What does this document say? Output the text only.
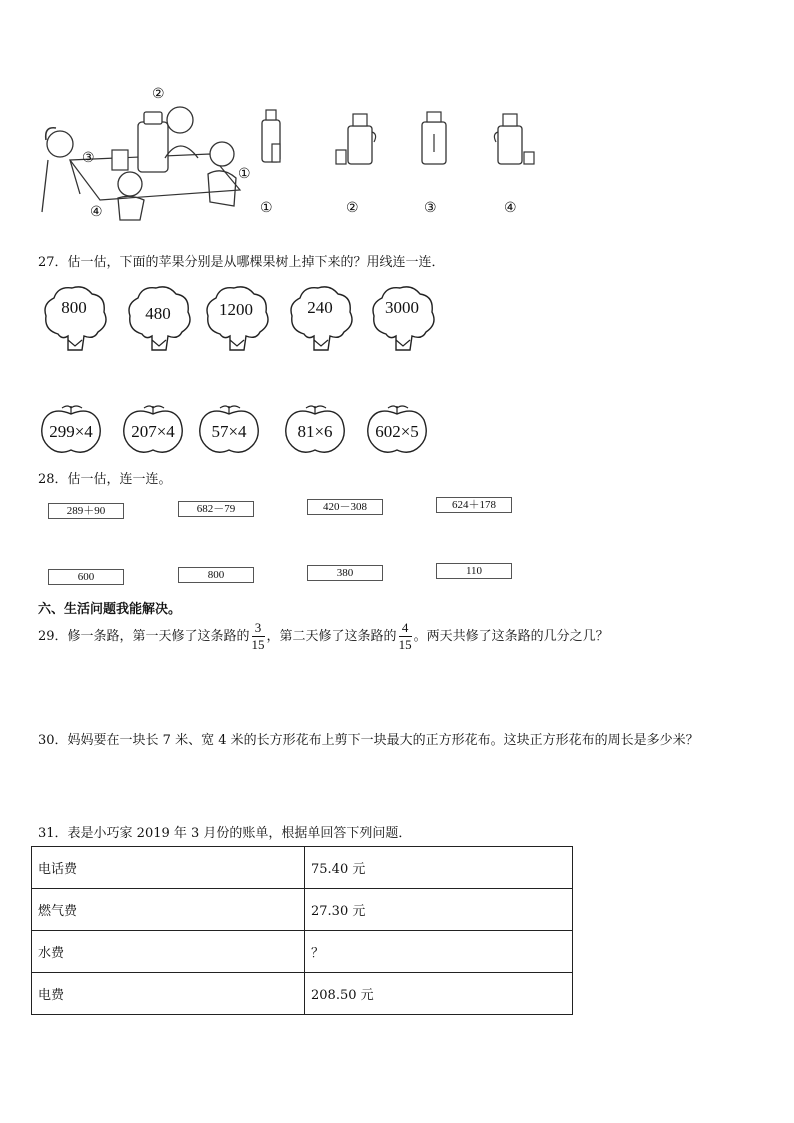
②
③
①
④	①	②	③	④
27．估一估，下面的苹果分别是从哪棵果树上掉下来的？用线连一连．
800	480	1200	240	3000
299×4	207×4	57×4	81×6	602×5
28．估一估，连一连。
289＋90	682－79	420－308	624＋178
600	800	380	110
六、生活问题我能解决。
29．修一条路，第一天修了这条路的 $\frac{3}{15}$ ，第二天修了这条路的 $\frac{4}{15}$ 。两天共修了这条路的几分之几？
30．妈妈要在一块长 7 米、宽 4 米的长方形花布上剪下一块最大的正方形花布。这块正方形花布的周长是多少米？
31．表是小巧家 2019 年 3 月份的账单，根据单回答下列问题．
电话费	75.40 元
燃气费	27.30 元
水费	？
电费	208.50 元
